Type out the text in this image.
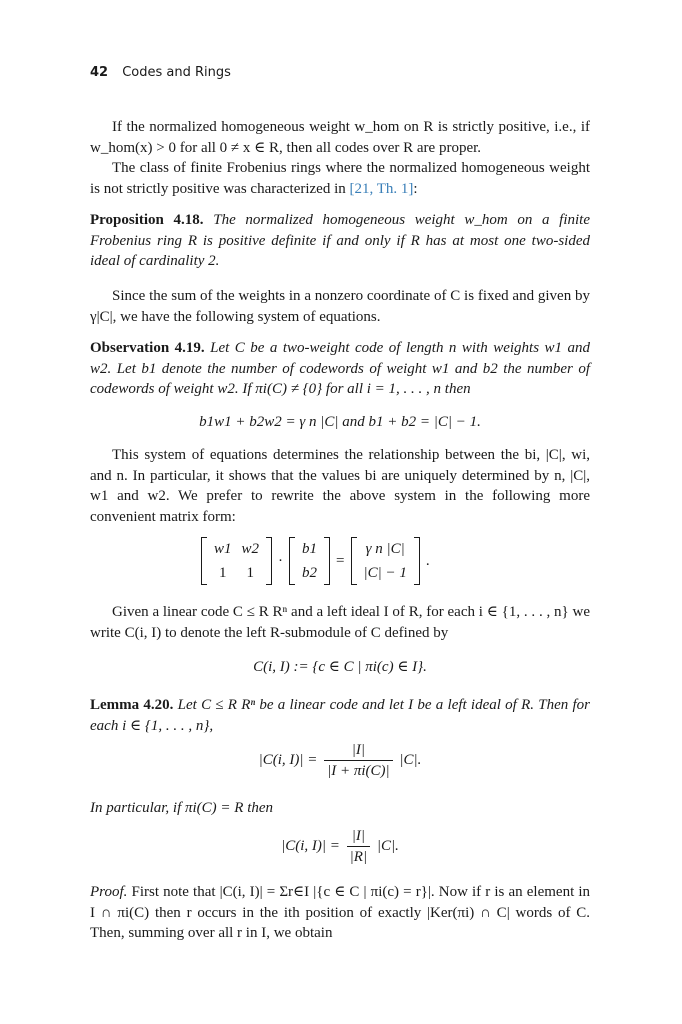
42 Codes and Rings
If the normalized homogeneous weight w_hom on R is strictly positive, i.e., if w_hom(x) > 0 for all 0 ≠ x ∈ R, then all codes over R are proper.
The class of finite Frobenius rings where the normalized homogeneous weight is not strictly positive was characterized in [21, Th. 1]:
Proposition 4.18. The normalized homogeneous weight w_hom on a finite Frobenius ring R is positive definite if and only if R has at most one two-sided ideal of cardinality 2.
Since the sum of the weights in a nonzero coordinate of C is fixed and given by γ|C|, we have the following system of equations.
Observation 4.19. Let C be a two-weight code of length n with weights w1 and w2. Let b1 denote the number of codewords of weight w1 and b2 the number of codewords of weight w2. If πi(C) ≠ {0} for all i = 1, . . . , n then
b1w1 + b2w2 = γ n |C| and b1 + b2 = |C| − 1.
This system of equations determines the relationship between the bi, |C|, wi, and n. In particular, it shows that the values bi are uniquely determined by n, |C|, w1 and w2. We prefer to rewrite the above system in the following more convenient matrix form:
w1	w2
1	1
·
b1
b2
=
γ n |C|
|C| − 1
.
Given a linear code C ≤ R Rⁿ and a left ideal I of R, for each i ∈ {1, . . . , n} we write C(i, I) to denote the left R-submodule of C defined by
C(i, I) := {c ∈ C | πi(c) ∈ I}.
Lemma 4.20. Let C ≤ R Rⁿ be a linear code and let I be a left ideal of R. Then for each i ∈ {1, . . . , n},
|C(i, $I)| = \frac{|I|}{|I + \pi i(C)|} |C|$.
In particular, if πi(C) = R then
|C(i, $I)| = \frac{|I|}{|R|} |C|$.
Proof. First note that |C(i, I)| = Σr∈I |{c ∈ C | πi(c) = r}|. Now if r is an element in I ∩ πi(C) then r occurs in the ith position of exactly |Ker(πi) ∩ C| words of C. Then, summing over all r in I, we obtain
